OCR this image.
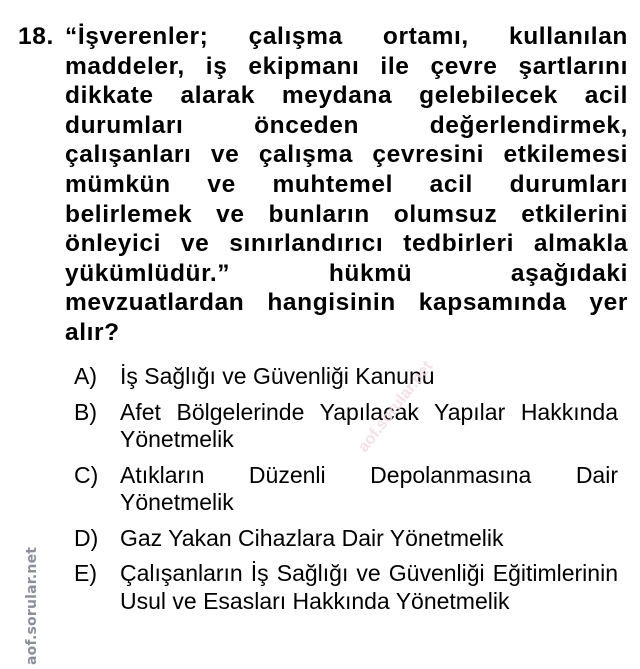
18. “İşverenler; çalışma ortamı, kullanılan maddeler, iş ekipmanı ile çevre şartlarını dikkate alarak meydana gelebilecek acil durumları önceden değerlendirmek, çalışanları ve çalışma çevresini etkilemesi mümkün ve muhtemel acil durumları belirlemek ve bunların olumsuz etkilerini önleyici ve sınırlandırıcı tedbirleri almakla yükümlüdür.” hükmü aşağıdaki mevzuatlardan hangisinin kapsamında yer alır?
A)	İş Sağlığı ve Güvenliği Kanunu
B)	Afet Bölgelerinde Yapılacak Yapılar Hakkında Yönetmelik
C) Atıkların Düzenli Depolanmasına Dair Yönetmelik
D) Gaz Yakan Cihazlara Dair Yönetmelik
E)	Çalışanların İş Sağlığı ve Güvenliği Eğitimlerinin Usul ve Esasları Hakkında Yönetmelik
aof.sorular.net
aof.sorular.net
